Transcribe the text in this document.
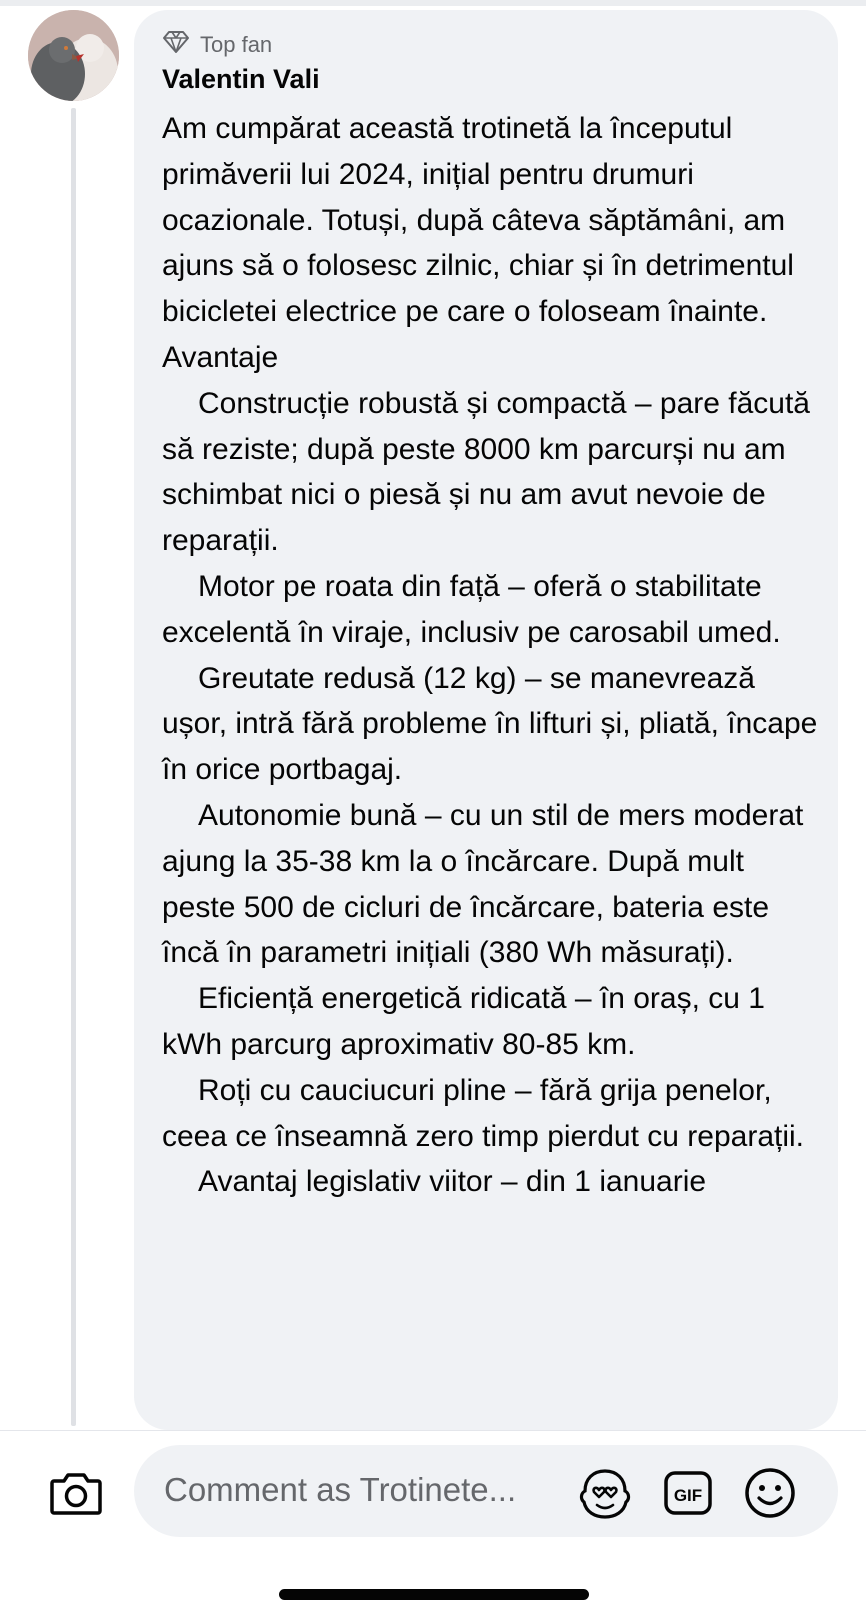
Top fan
Valentin Vali

Am cumpărat această trotinetă la începutul primăverii lui 2024, inițial pentru drumuri ocazionale. Totuși, după câteva săptămâni, am ajuns să o folosesc zilnic, chiar și în detrimentul bicicletei electrice pe care o foloseam înainte.

Avantaje

Construcție robustă și compactă – pare făcută să reziste; după peste 8000 km parcurși nu am schimbat nici o piesă și nu am avut nevoie de reparații.

Motor pe roata din față – oferă o stabilitate excelentă în viraje, inclusiv pe carosabil umed.

Greutate redusă (12 kg) – se manevrează ușor, intră fără probleme în lifturi și, pliată, încape în orice portbagaj.

Autonomie bună – cu un stil de mers moderat ajung la 35-38 km la o încărcare. După mult peste 500 de cicluri de încărcare, bateria este încă în parametri inițiali (380 Wh măsurați).

Eficiență energetică ridicată – în oraș, cu 1 kWh parcurg aproximativ 80-85 km.

Roți cu cauciucuri pline – fără grija penelor, ceea ce înseamnă zero timp pierdut cu reparații.

Avantaj legislativ viitor – din 1 ianuarie

Comment as Trotinete...	GIF
